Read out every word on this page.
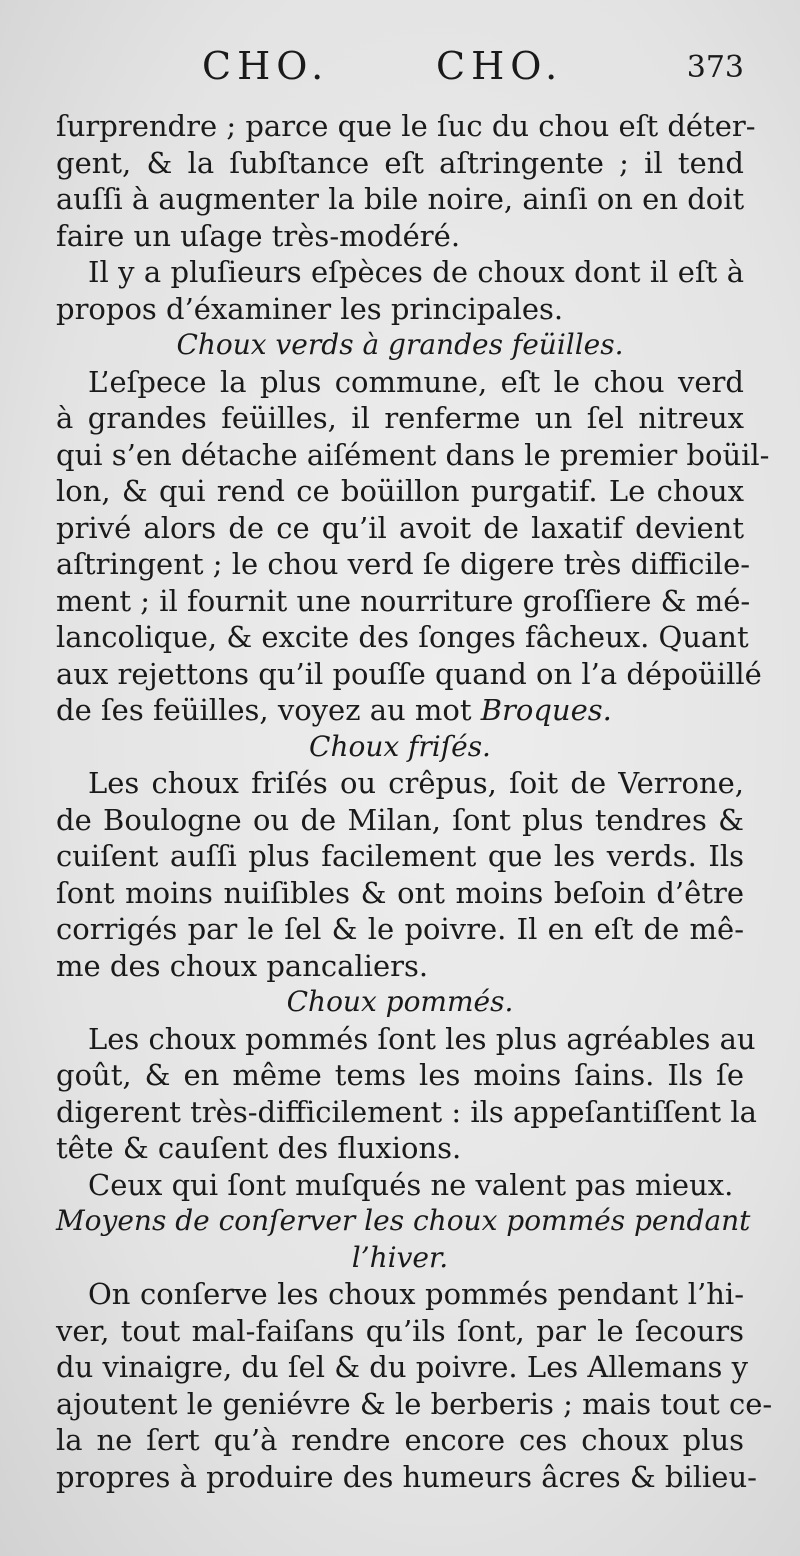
CHO.	CHO.	373
ſurprendre ; parce que le ſuc du chou eſt déter-
gent, & la ſubſtance eſt aſtringente ; il tend
auſſi à augmenter la bile noire, ainſi on en doit
faire un uſage très-modéré.
Il y a pluſieurs eſpèces de choux dont il eſt à
propos d’éxaminer les principales.
Choux verds à grandes feüilles.
L’eſpece la plus commune, eſt le chou verd
à grandes feüilles, il renferme un ſel nitreux
qui s’en détache aiſément dans le premier boüil-
lon, & qui rend ce boüillon purgatif. Le choux
privé alors de ce qu’il avoit de laxatif devient
aſtringent ; le chou verd ſe digere très difficile-
ment ; il fournit une nourriture groſſiere & mé-
lancolique, & excite des ſonges fâcheux. Quant
aux rejettons qu’il pouſſe quand on l’a dépoüillé
de ſes feüilles, voyez au mot Broques.
Choux friſés.
Les choux friſés ou crêpus, ſoit de Verrone,
de Boulogne ou de Milan, ſont plus tendres &
cuiſent auſſi plus facilement que les verds. Ils
ſont moins nuiſibles & ont moins beſoin d’être
corrigés par le ſel & le poivre. Il en eſt de mê-
me des choux pancaliers.
Choux pommés.
Les choux pommés ſont les plus agréables au
goût, & en même tems les moins ſains. Ils ſe
digerent très-difficilement : ils appeſantiſſent la
tête & cauſent des fluxions.
Ceux qui ſont muſqués ne valent pas mieux.
Moyens de conſerver les choux pommés pendant
l’hiver.
On conſerve les choux pommés pendant l’hi-
ver, tout mal-faiſans qu’ils ſont, par le ſecours
du vinaigre, du ſel & du poivre. Les Allemans y
ajoutent le geniévre & le berberis ; mais tout ce-
la ne ſert qu’à rendre encore ces choux plus
propres à produire des humeurs âcres & bilieu-
